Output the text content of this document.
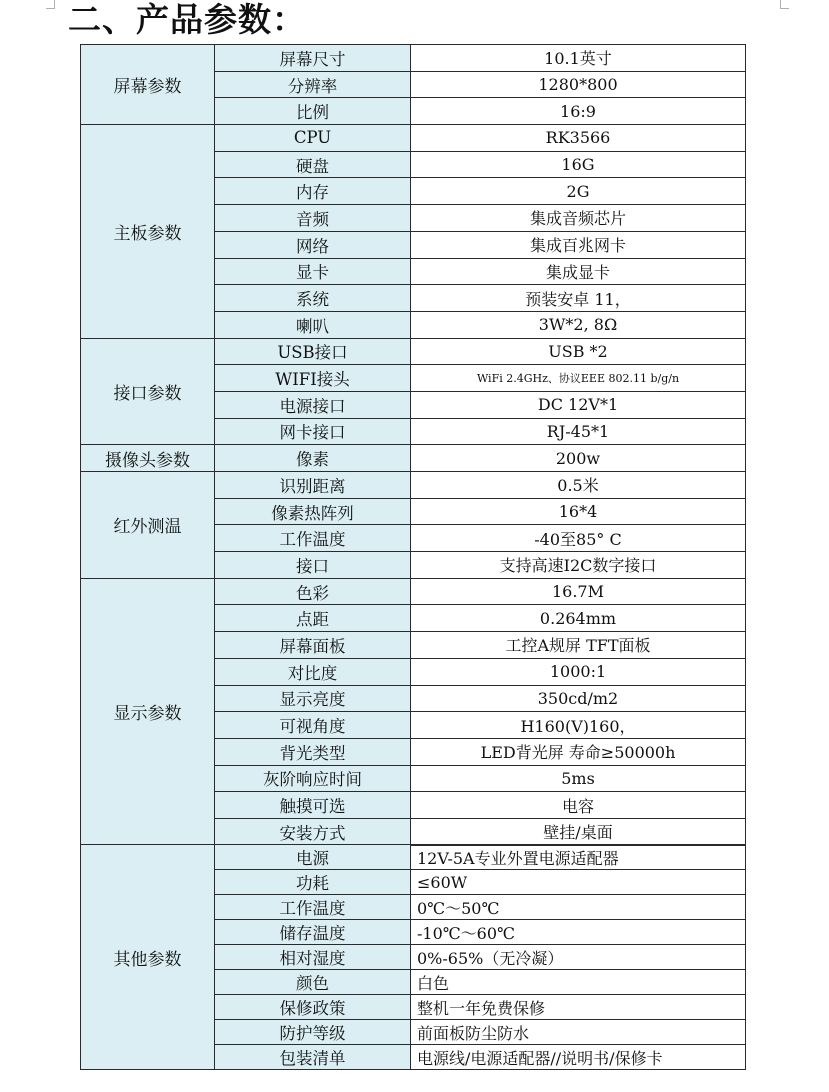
二、产品参数：
屏幕参数	屏幕尺寸	10.1英寸
	分辨率	1280*800
	比例	16:9
主板参数	CPU	RK3566
	硬盘	16G
	内存	2G
	音频	集成音频芯片
	网络	集成百兆网卡
	显卡	集成显卡
	系统	预装安卓 11，
	喇叭	3W*2, 8Ω
接口参数	USB接口	USB *2
	WIFI接头	WiFi 2.4GHz、协议EEE 802.11 b/g/n
	电源接口	DC 12V*1
	网卡接口	RJ-45*1
摄像头参数	像素	200w
红外测温	识别距离	0.5米
	像素热阵列	16*4
	工作温度	-40至85° C
	接口	支持高速I2C数字接口
显示参数	色彩	16.7M
	点距	0.264mm
	屏幕面板	工控A规屏 TFT面板
	对比度	1000:1
	显示亮度	350cd/m2
	可视角度	H160(V)160，
	背光类型	LED背光屏 寿命≥50000h
	灰阶响应时间	5ms
	触摸可选	电容
	安装方式	壁挂/桌面
其他参数	电源	12V-5A专业外置电源适配器
	功耗	≤60W
	工作温度	0℃～50℃
	储存温度	-10℃～60℃
	相对湿度	0%-65%（无冷凝）
	颜色	白色
	保修政策	整机一年免费保修
	防护等级	前面板防尘防水
	包装清单	电源线/电源适配器//说明书/保修卡
